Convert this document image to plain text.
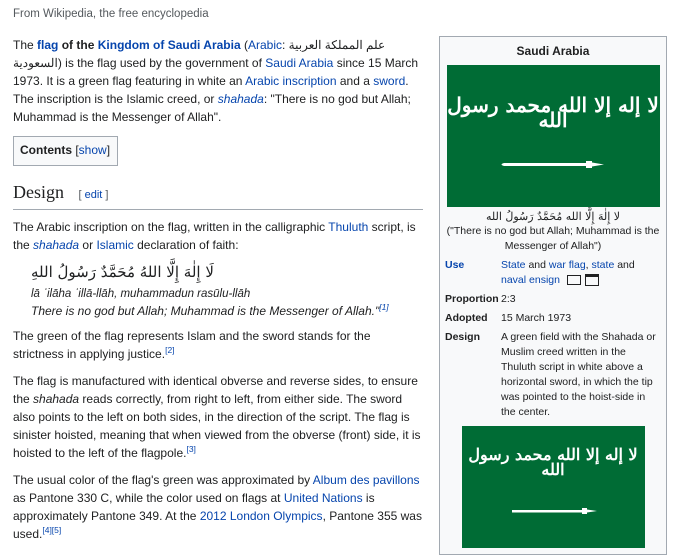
From Wikipedia, the free encyclopedia

The flag of the Kingdom of Saudi Arabia (Arabic: علم المملكة العربية السعودية) is the flag used by the government of Saudi Arabia since 15 March 1973. It is a green flag featuring in white an Arabic inscription and a sword. The inscription is the Islamic creed, or shahada: "There is no god but Allah; Muhammad is the Messenger of Allah".

Contents [show]
Design [ edit ]

The Arabic inscription on the flag, written in the calligraphic Thuluth script, is the shahada or Islamic declaration of faith:

لَا إِلٰهَ إِلَّا اللهُ مُحَمَّدٌ رَسُولُ اللهِ
lā ʾilāha ʾillā-llāh, muhammadun rasūlu-llāh
There is no god but Allah; Muhammad is the Messenger of Allah."[1]

The green of the flag represents Islam and the sword stands for the strictness in applying justice.[2]

The flag is manufactured with identical obverse and reverse sides, to ensure the shahada reads correctly, from right to left, from either side. The sword also points to the left on both sides, in the direction of the script. The flag is sinister hoisted, meaning that when viewed from the obverse (front) side, it is hoisted to the left of the flagpole.[3]

The usual color of the flag's green was approximated by Album des pavillons as Pantone 330 C, while the color used on flags at United Nations is approximately Pantone 349. At the 2012 London Olympics, Pantone 355 was used.[4][5]

Saudi Arabia
لا إله إلا الله محمد رسول الله
لا إِلٰهَ إِلَّا الله مُحَمَّدٌ رَسُولُ الله
("There is no god but Allah; Muhammad is the Messenger of Allah")
Use	State and war flag, state and naval ensign
Proportion 2:3
Adopted	15 March 1973
Design	A green field with the Shahada or Muslim creed written in the Thuluth script in white above a horizontal sword, in which the tip was pointed to the hoist-side in the center.
لا إله إلا الله محمد رسول الله
